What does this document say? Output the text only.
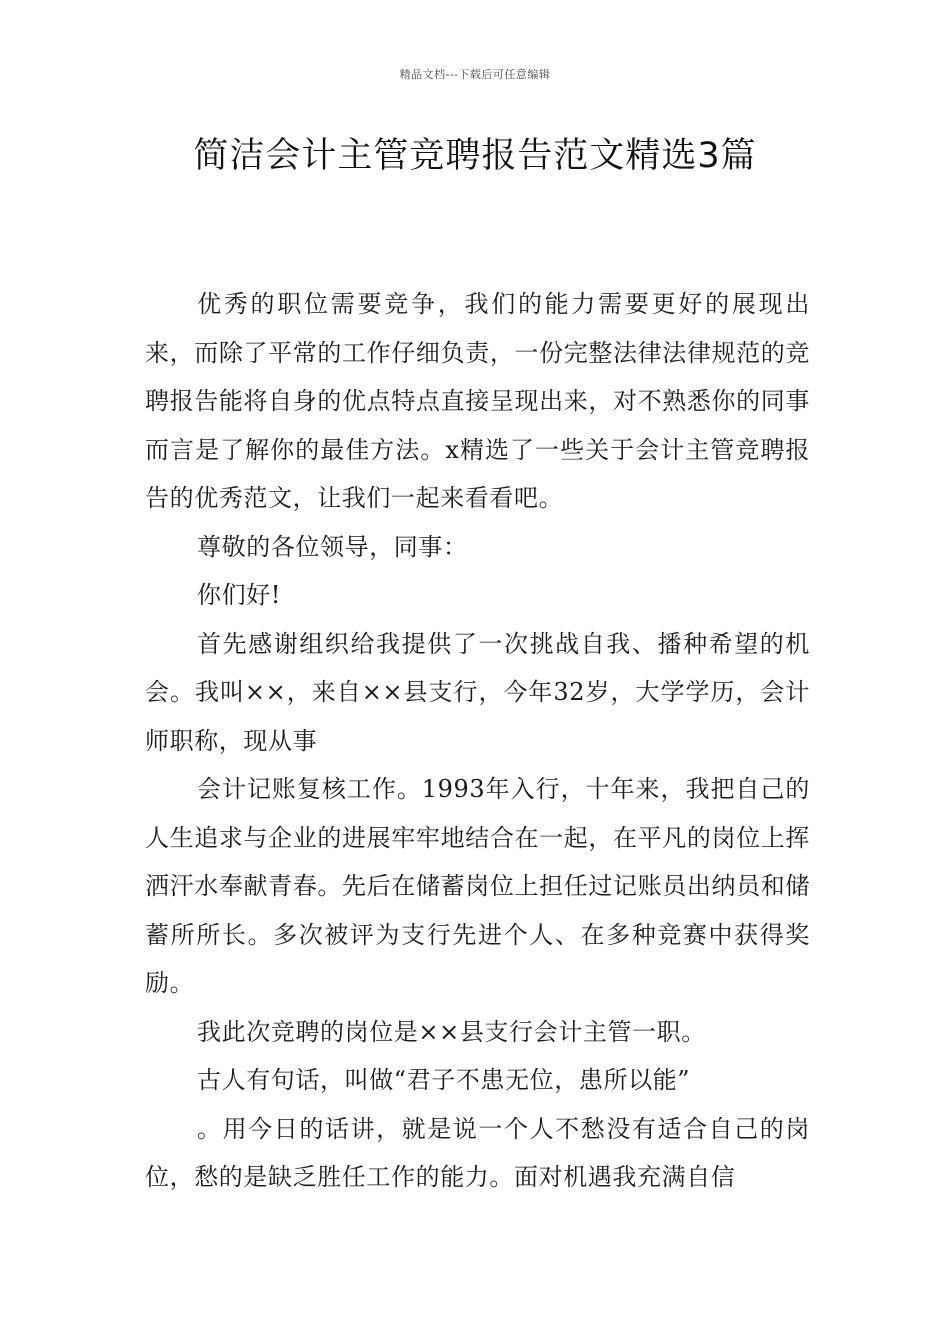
精品文档---下载后可任意编辑
简洁会计主管竞聘报告范文精选3篇

优秀的职位需要竞争，我们的能力需要更好的展现出来，而除了平常的工作仔细负责，一份完整法律法律规范的竞聘报告能将自身的优点特点直接呈现出来，对不熟悉你的同事而言是了解你的最佳方法。x精选了一些关于会计主管竞聘报告的优秀范文，让我们一起来看看吧。

尊敬的各位领导，同事：

你们好!

首先感谢组织给我提供了一次挑战自我、播种希望的机会。我叫××，来自××县支行，今年32岁，大学学历，会计师职称，现从事

会计记账复核工作。1993年入行，十年来，我把自己的人生追求与企业的进展牢牢地结合在一起，在平凡的岗位上挥洒汗水奉献青春。先后在储蓄岗位上担任过记账员出纳员和储蓄所所长。多次被评为支行先进个人、在多种竞赛中获得奖励。

我此次竞聘的岗位是××县支行会计主管一职。

古人有句话，叫做“君子不患无位，患所以能”

。用今日的话讲，就是说一个人不愁没有适合自己的岗位，愁的是缺乏胜任工作的能力。面对机遇我充满自信
